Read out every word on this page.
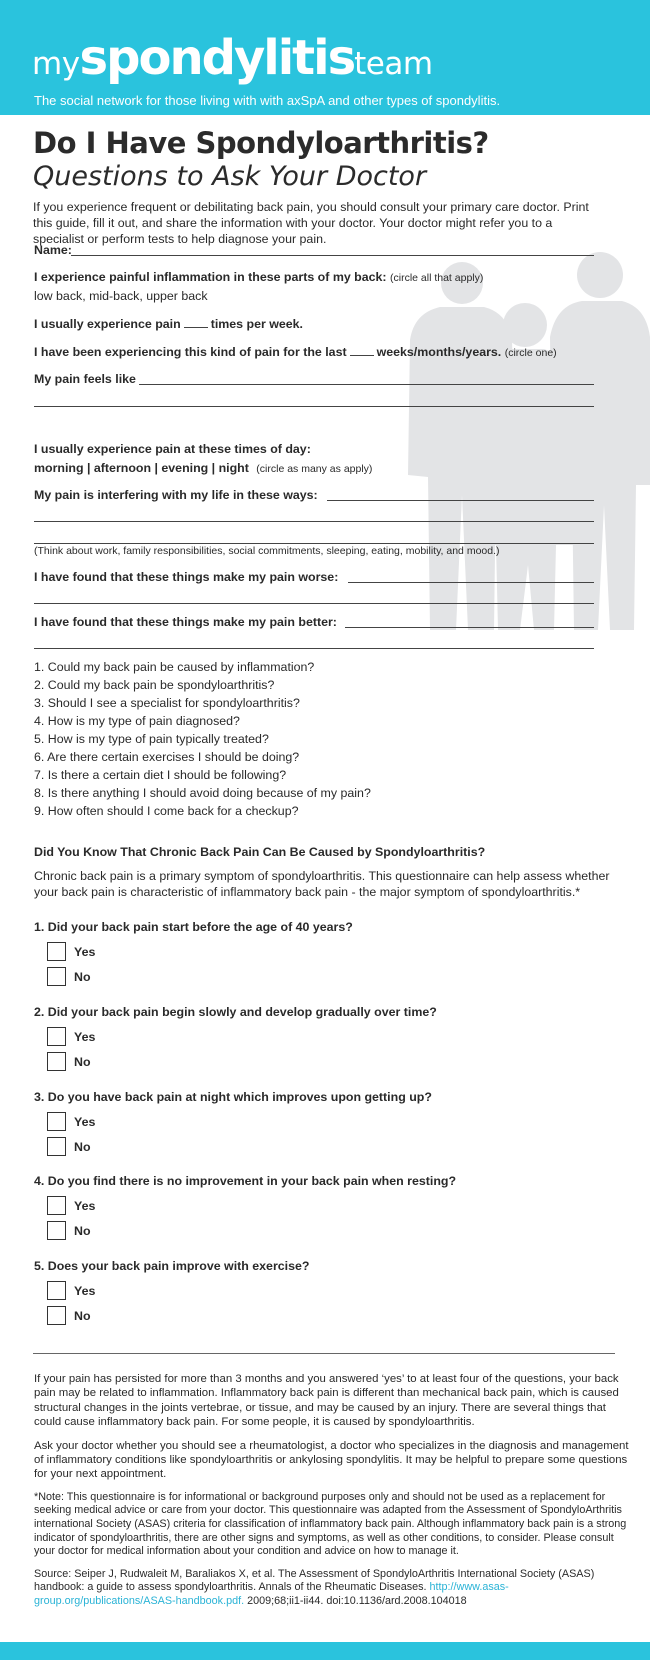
myspondylitisteam
The social network for those living with with axSpA and other types of spondylitis.
Do I Have Spondyloarthritis?
Questions to Ask Your Doctor
If you experience frequent or debilitating back pain, you should consult your primary care doctor. Print this guide, fill it out, and share the information with your doctor. Your doctor might refer you to a specialist or perform tests to help diagnose your pain.
Name:
I experience painful inflammation in these parts of my back: (circle all that apply)
low back, mid-back, upper back
I usually experience pain times per week.
I have been experiencing this kind of pain for the last weeks/months/years. (circle one)
My pain feels like
I usually experience pain at these times of day:
morning | afternoon | evening | night (circle as many as apply)
My pain is interfering with my life in these ways:
(Think about work, family responsibilities, social commitments, sleeping, eating, mobility, and mood.)
I have found that these things make my pain worse:
I have found that these things make my pain better:
1. Could my back pain be caused by inflammation?
2. Could my back pain be spondyloarthritis?
3. Should I see a specialist for spondyloarthritis?
4. How is my type of pain diagnosed?
5. How is my type of pain typically treated?
6. Are there certain exercises I should be doing?
7. Is there a certain diet I should be following?
8. Is there anything I should avoid doing because of my pain?
9. How often should I come back for a checkup?
Did You Know That Chronic Back Pain Can Be Caused by Spondyloarthritis?
Chronic back pain is a primary symptom of spondyloarthritis. This questionnaire can help assess whether your back pain is characteristic of inflammatory back pain - the major symptom of spondyloarthritis.*
1. Did your back pain start before the age of 40 years?
Yes
No
2. Did your back pain begin slowly and develop gradually over time?
Yes
No
3. Do you have back pain at night which improves upon getting up?
Yes
No
4. Do you find there is no improvement in your back pain when resting?
Yes
No
5. Does your back pain improve with exercise?
Yes
No

If your pain has persisted for more than 3 months and you answered ‘yes’ to at least four of the questions, your back pain may be related to inflammation. Inflammatory back pain is different than mechanical back pain, which is caused structural changes in the joints vertebrae, or tissue, and may be caused by an injury. There are several things that could cause inflammatory back pain. For some people, it is caused by spondyloarthritis.

Ask your doctor whether you should see a rheumatologist, a doctor who specializes in the diagnosis and management of inflammatory conditions like spondyloarthritis or ankylosing spondylitis. It may be helpful to prepare some questions for your next appointment.

*Note: This questionnaire is for informational or background purposes only and should not be used as a replacement for seeking medical advice or care from your doctor. This questionnaire was adapted from the Assessment of SpondyloArthritis international Society (ASAS) criteria for classification of inflammatory back pain. Although inflammatory back pain is a strong indicator of spondyloarthritis, there are other signs and symptoms, as well as other conditions, to consider. Please consult your doctor for medical information about your condition and advice on how to manage it.

Source: Seiper J, Rudwaleit M, Baraliakos X, et al. The Assessment of SpondyloArthritis International Society (ASAS) handbook: a guide to assess spondyloarthritis. Annals of the Rheumatic Diseases. http://www.asas-group.org/publications/ASAS-handbook.pdf. 2009;68;ii1-ii44. doi:10.1136/ard.2008.104018
